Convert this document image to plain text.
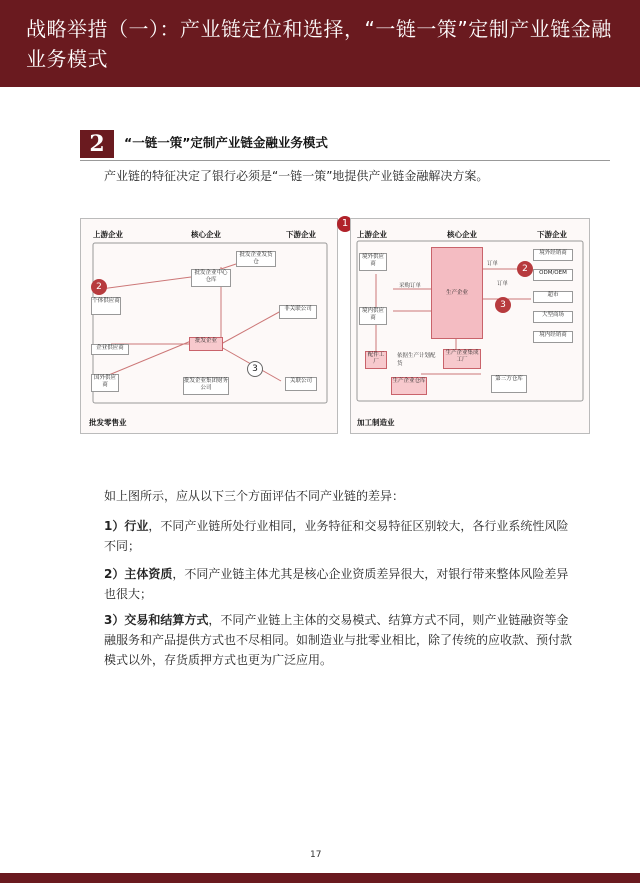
战略举措（一）：产业链定位和选择，“一链一策”定制产业链金融业务模式
2	“一链一策”定制产业链金融业务模式
产业链的特征决定了银行必须是“一链一策”地提供产业链金融解决方案。
上游企业	核心企业	下游企业
批发企业发货仓
批发企业中心仓库
个体供应商
企业供应商
国外供应商
批发企业
非关联公司
批发企业集团财务公司
关联公司
2
3
批发零售业
1
上游企业	核心企业	下游企业
境外供应商
境内供应商
生产企业
境外经销商
ODM/OEM
超市
大型商场
境内经销商
配件工厂
依据生产计划配货
生产企业集成工厂
生产企业仓库	第三方仓库
订单
采购订单	订单
2
3
加工制造业
如上图所示，应从以下三个方面评估不同产业链的差异：
1）行业，不同产业链所处行业相同，业务特征和交易特征区别较大，各行业系统性风险不同；
2）主体资质，不同产业链主体尤其是核心企业资质差异很大，对银行带来整体风险差异也很大；
3）交易和结算方式，不同产业链上主体的交易模式、结算方式不同，则产业链融资等金融服务和产品提供方式也不尽相同。如制造业与批零业相比，除了传统的应收款、预付款模式以外，存货质押方式也更为广泛应用。
17
